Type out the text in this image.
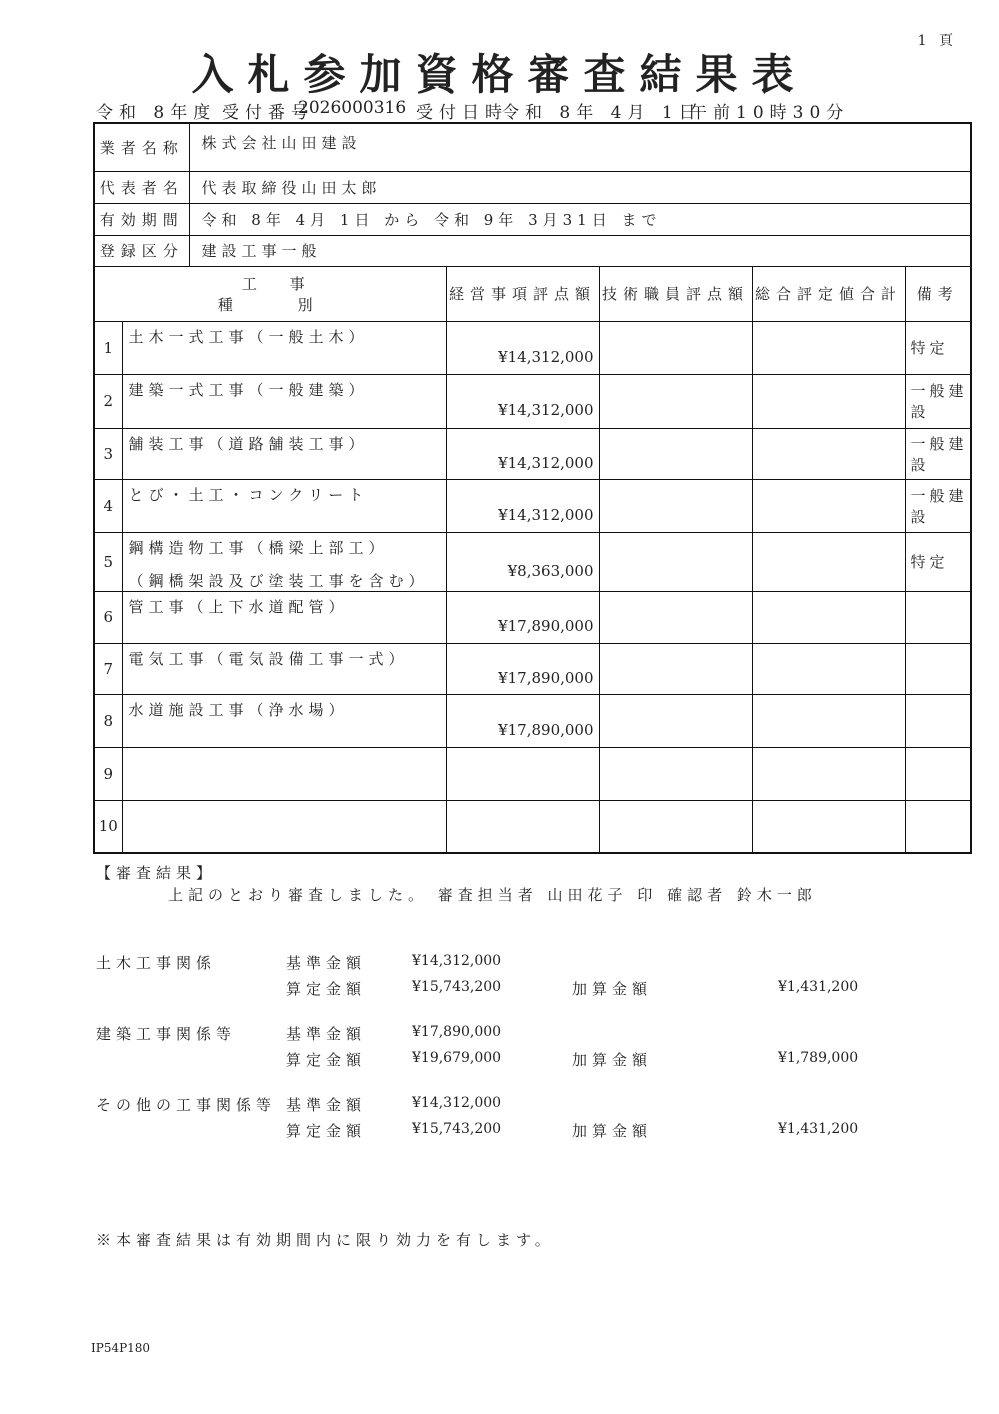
1 頁
入札参加資格審査結果表
令和 8年度 受付番号
2026000316 受付日時
令和 8年 4月 1日
午前10時30分
業者名称		株式会社山田建設				
代表者名		代表取締役山田太郎				
有効期間		令和 8年 4月 1日 から 令和 9年 3月31日 まで				
登録区分		建設工事一般				

工 事
種 別			経営事項評点額	技術職員評点額	総合評定値合計	備考
1	土木一式工事（一般土木）		¥14,312,000			特定
2	建築一式工事（一般建築）		¥14,312,000			一般建設
3	舗装工事（道路舗装工事）		¥14,312,000			一般建設
4	とび・土工・コンクリート		¥14,312,000			一般建設
5	鋼構造物工事（橋梁上部工）
（鋼橋架設及び塗装工事を含む）		¥8,363,000			特定
6	管工事（上下水道配管）		¥17,890,000			
7	電気工事（電気設備工事一式）		¥17,890,000			
8	水道施設工事（浄水場）		¥17,890,000			
9		

10		

【審査結果】
上記のとおり審査しました。 審査担当者 山田花子 印 確認者 鈴木一郎
土木工事関係	基準金額	¥14,312,000
算定金額	¥15,743,200	加算金額	¥1,431,200
建築工事関係等	基準金額	¥17,890,000
算定金額	¥19,679,000	加算金額	¥1,789,000
その他の工事関係等 基準金額	¥14,312,000
算定金額	¥15,743,200	加算金額	¥1,431,200
※本審査結果は有効期間内に限り効力を有します。
IP54P180
